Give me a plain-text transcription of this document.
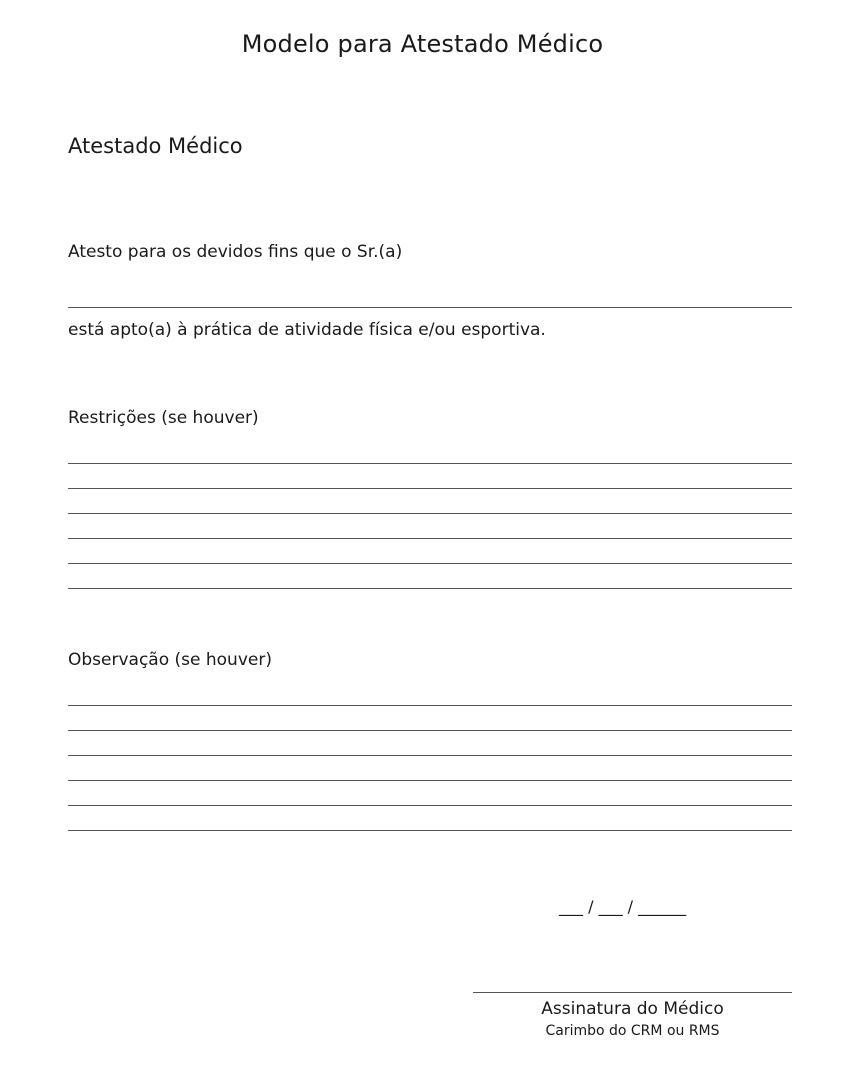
Modelo para Atestado Médico
Atestado Médico
Atesto para os devidos fins que o Sr.(a)
está apto(a) à prática de atividade física e/ou esportiva.
Restrições (se houver)
Observação (se houver)
___ / ___ / ______
Assinatura do Médico
Carimbo do CRM ou RMS
